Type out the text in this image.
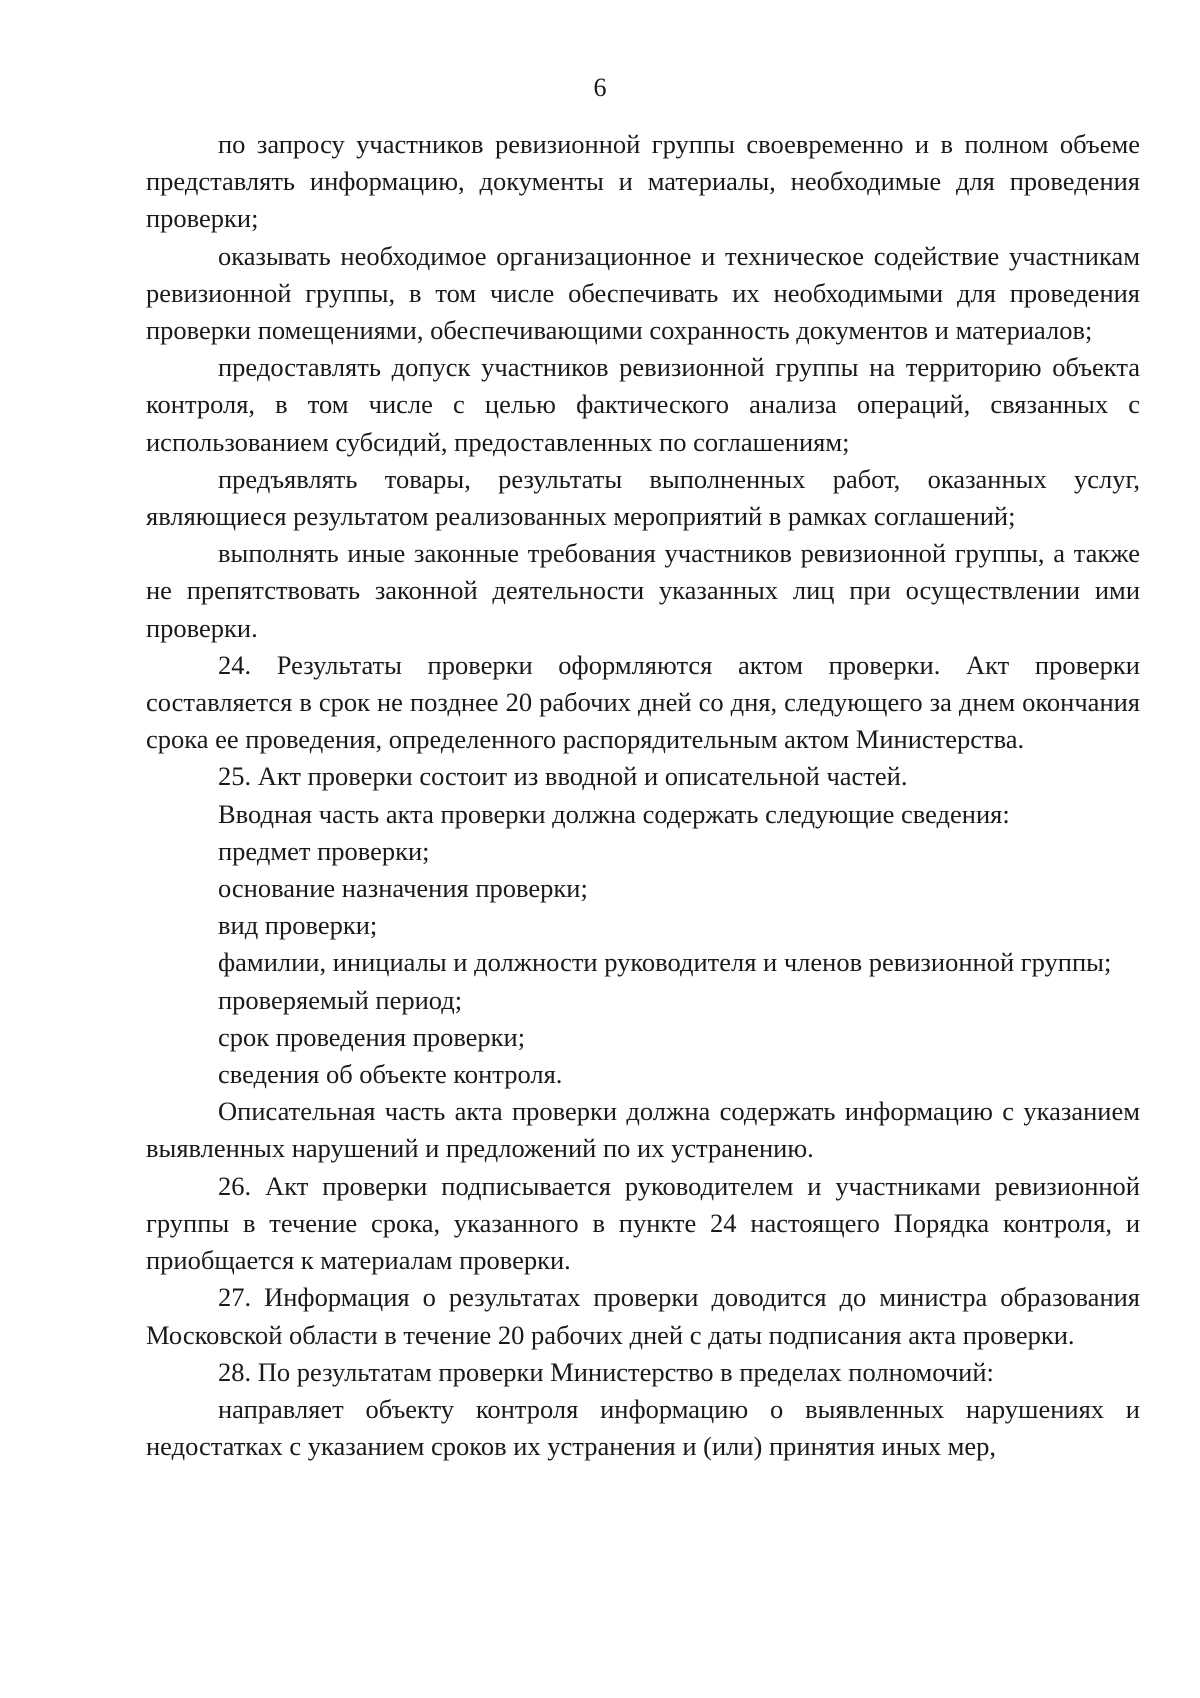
6

по запросу участников ревизионной группы своевременно и в полном объеме представлять информацию, документы и материалы, необходимые для проведения проверки;

оказывать необходимое организационное и техническое содействие участникам ревизионной группы, в том числе обеспечивать их необходимыми для проведения проверки помещениями, обеспечивающими сохранность документов и материалов;

предоставлять допуск участников ревизионной группы на территорию объекта контроля, в том числе с целью фактического анализа операций, связанных с использованием субсидий, предоставленных по соглашениям;

предъявлять товары, результаты выполненных работ, оказанных услуг, являющиеся результатом реализованных мероприятий в рамках соглашений;

выполнять иные законные требования участников ревизионной группы, а также не препятствовать законной деятельности указанных лиц при осуществлении ими проверки.

24. Результаты проверки оформляются актом проверки. Акт проверки составляется в срок не позднее 20 рабочих дней со дня, следующего за днем окончания срока ее проведения, определенного распорядительным актом Министерства.

25. Акт проверки состоит из вводной и описательной частей.

Вводная часть акта проверки должна содержать следующие сведения:

предмет проверки;

основание назначения проверки;

вид проверки;

фамилии, инициалы и должности руководителя и членов ревизионной группы;

проверяемый период;

срок проведения проверки;

сведения об объекте контроля.

Описательная часть акта проверки должна содержать информацию с указанием выявленных нарушений и предложений по их устранению.

26. Акт проверки подписывается руководителем и участниками ревизионной группы в течение срока, указанного в пункте 24 настоящего Порядка контроля, и приобщается к материалам проверки.

27. Информация о результатах проверки доводится до министра образования Московской области в течение 20 рабочих дней с даты подписания акта проверки.

28. По результатам проверки Министерство в пределах полномочий:

направляет объекту контроля информацию о выявленных нарушениях и недостатках с указанием сроков их устранения и (или) принятия иных мер,
